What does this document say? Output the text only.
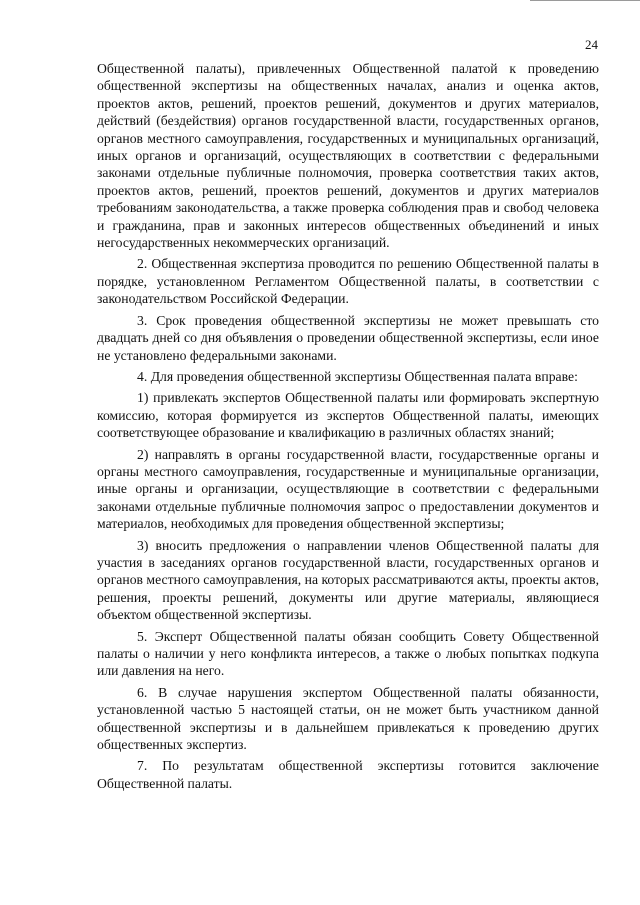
24

Общественной палаты), привлеченных Общественной палатой к проведению общественной экспертизы на общественных началах, анализ и оценка актов, проектов актов, решений, проектов решений, документов и других материалов, действий (бездействия) органов государственной власти, государственных органов, органов местного самоуправления, государственных и муниципальных организаций, иных органов и организаций, осуществляющих в соответствии с федеральными законами отдельные публичные полномочия, проверка соответствия таких актов, проектов актов, решений, проектов решений, документов и других материалов требованиям законодательства, а также проверка соблюдения прав и свобод человека и гражданина, прав и законных интересов общественных объединений и иных негосударственных некоммерческих организаций.

2. Общественная экспертиза проводится по решению Общественной палаты в порядке, установленном Регламентом Общественной палаты, в соответствии с законодательством Российской Федерации.

3. Срок проведения общественной экспертизы не может превышать сто двадцать дней со дня объявления о проведении общественной экспертизы, если иное не установлено федеральными законами.

4. Для проведения общественной экспертизы Общественная палата вправе:

1) привлекать экспертов Общественной палаты или формировать экспертную комиссию, которая формируется из экспертов Общественной палаты, имеющих соответствующее образование и квалификацию в различных областях знаний;

2) направлять в органы государственной власти, государственные органы и органы местного самоуправления, государственные и муниципальные организации, иные органы и организации, осуществляющие в соответствии с федеральными законами отдельные публичные полномочия запрос о предоставлении документов и материалов, необходимых для проведения общественной экспертизы;

3) вносить предложения о направлении членов Общественной палаты для участия в заседаниях органов государственной власти, государственных органов и органов местного самоуправления, на которых рассматриваются акты, проекты актов, решения, проекты решений, документы или другие материалы, являющиеся объектом общественной экспертизы.

5. Эксперт Общественной палаты обязан сообщить Совету Общественной палаты о наличии у него конфликта интересов, а также о любых попытках подкупа или давления на него.

6. В случае нарушения экспертом Общественной палаты обязанности, установленной частью 5 настоящей статьи, он не может быть участником данной общественной экспертизы и в дальнейшем привлекаться к проведению других общественных экспертиз.

7. По результатам общественной экспертизы готовится заключение Общественной палаты.
